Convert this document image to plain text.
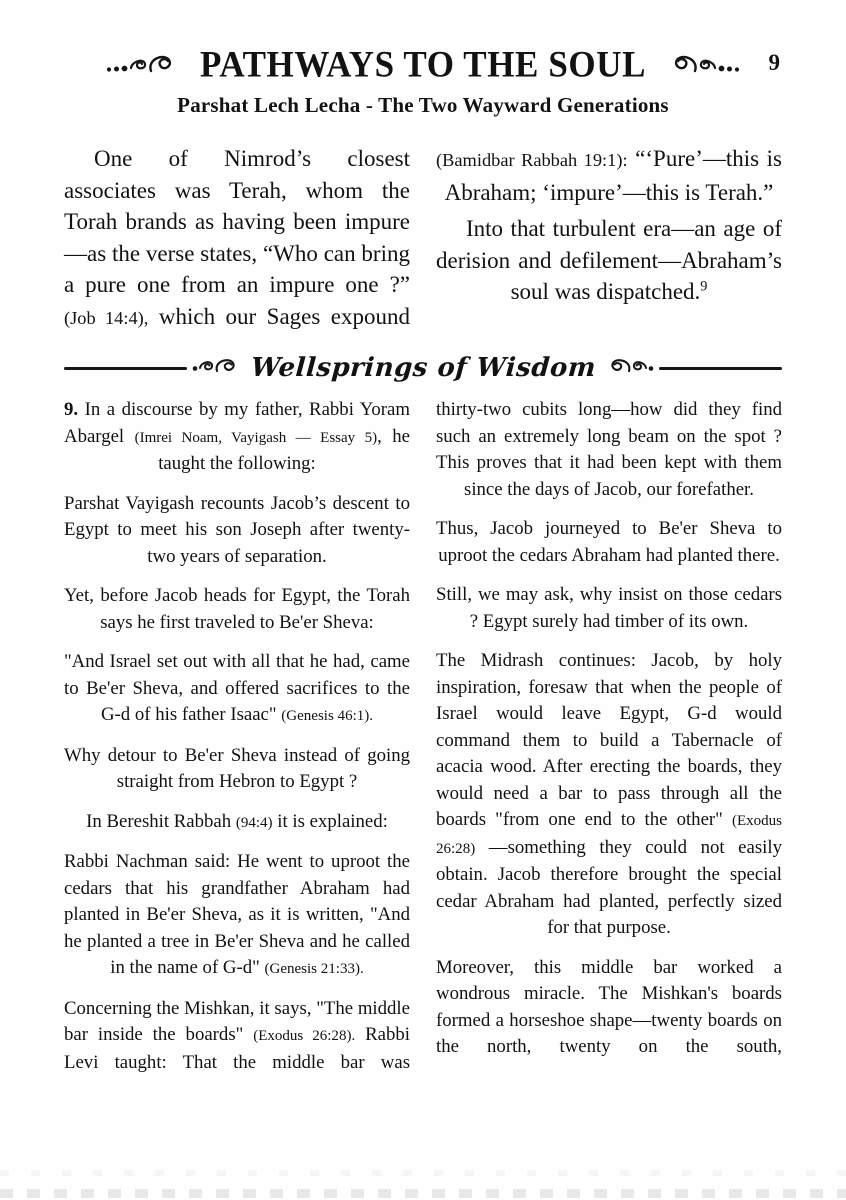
PATHWAYS TO THE SOUL	9
Parshat Lech Lecha - The Two Wayward Generations

One of Nimrod’s closest associates was Terah, whom the Torah brands as having been impure—as the verse states, “Who can bring a pure one from an impure one ?” (Job 14:4), which our Sages expound

(Bamidbar Rabbah 19:1): “‘Pure’—this is Abraham; ‘impure’—this is Terah.”

Into that turbulent era—an age of derision and defilement—Abraham’s soul was dispatched.$^9$

Wellsprings of Wisdom

9. In a discourse by my father, Rabbi Yoram Abargel (Imrei Noam, Vayigash — Essay 5), he taught the following:

Parshat Vayigash recounts Jacob’s descent to Egypt to meet his son Joseph after twenty-two years of separation.

Yet, before Jacob heads for Egypt, the Torah says he first traveled to Be'er Sheva:

"And Israel set out with all that he had, came to Be'er Sheva, and offered sacrifices to the G-d of his father Isaac" (Genesis 46:1).

Why detour to Be'er Sheva instead of going straight from Hebron to Egypt ?

In Bereshit Rabbah (94:4) it is explained:

Rabbi Nachman said: He went to uproot the cedars that his grandfather Abraham had planted in Be'er Sheva, as it is written, "And he planted a tree in Be'er Sheva and he called in the name of G-d" (Genesis 21:33).

Concerning the Mishkan, it says, "The middle bar inside the boards" (Exodus 26:28). Rabbi Levi taught: That the middle bar was

thirty-two cubits long—how did they find such an extremely long beam on the spot ? This proves that it had been kept with them since the days of Jacob, our forefather.

Thus, Jacob journeyed to Be'er Sheva to uproot the cedars Abraham had planted there.

Still, we may ask, why insist on those cedars ? Egypt surely had timber of its own.

The Midrash continues: Jacob, by holy inspiration, foresaw that when the people of Israel would leave Egypt, G-d would command them to build a Tabernacle of acacia wood. After erecting the boards, they would need a bar to pass through all the boards "from one end to the other" (Exodus 26:28) —something they could not easily obtain. Jacob therefore brought the special cedar Abraham had planted, perfectly sized for that purpose.

Moreover, this middle bar worked a wondrous miracle. The Mishkan's boards formed a horseshoe shape—twenty boards on the north, twenty on the south,
